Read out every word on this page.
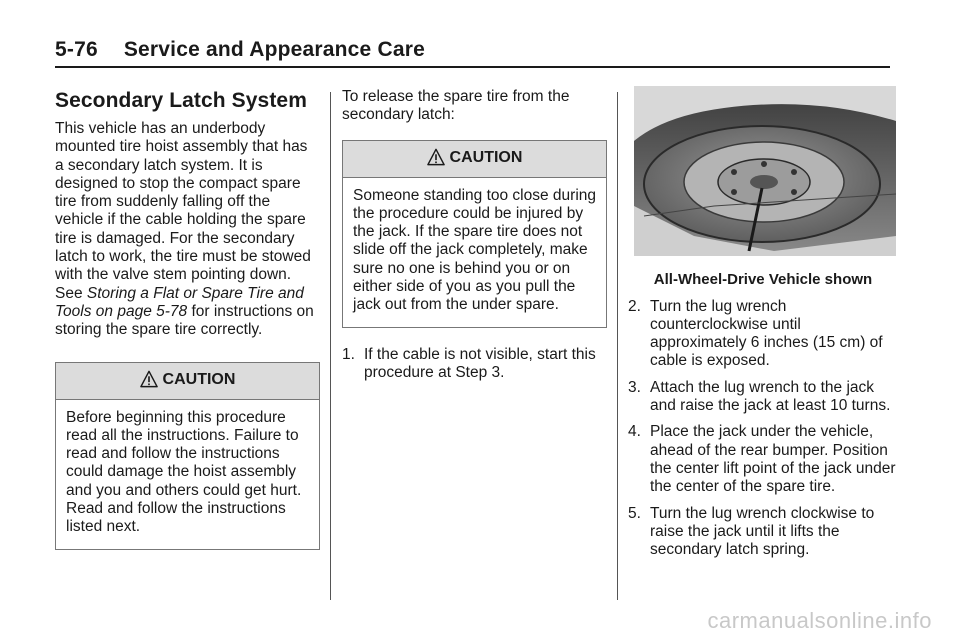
5-76 Service and Appearance Care
Secondary Latch System

This vehicle has an underbody mounted tire hoist assembly that has a secondary latch system. It is designed to stop the compact spare tire from suddenly falling off the vehicle if the cable holding the spare tire is damaged. For the secondary latch to work, the tire must be stowed with the valve stem pointing down. See Storing a Flat or Spare Tire and Tools on page 5-78 for instructions on storing the spare tire correctly.

CAUTION
Before beginning this procedure read all the instructions. Failure to read and follow the instructions could damage the hoist assembly and you and others could get hurt. Read and follow the instructions listed next.

To release the spare tire from the secondary latch:

CAUTION
Someone standing too close during the procedure could be injured by the jack. If the spare tire does not slide off the jack completely, make sure no one is behind you or on either side of you as you pull the jack out from the under spare.
1. If the cable is not visible, start this procedure at Step 3.
All-Wheel-Drive Vehicle shown
2. Turn the lug wrench counterclockwise until approximately 6 inches (15 cm) of cable is exposed.
3. Attach the lug wrench to the jack and raise the jack at least 10 turns.
4. Place the jack under the vehicle, ahead of the rear bumper. Position the center lift point of the jack under the center of the spare tire.
5. Turn the lug wrench clockwise to raise the jack until it lifts the secondary latch spring.
carmanualsonline.info
